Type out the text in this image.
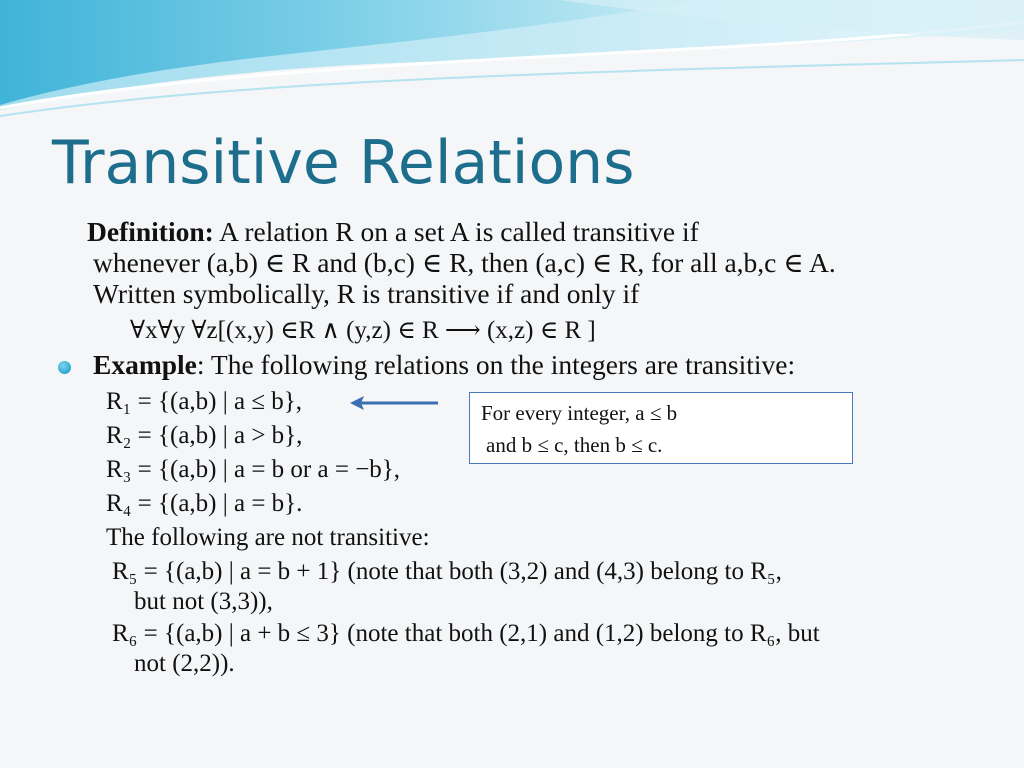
Transitive Relations
Definition: A relation R on a set A is called transitive if
whenever (a,b) ∈ R and (b,c) ∈ R, then (a,c) ∈ R, for all a,b,c ∈ A.
Written symbolically, R is transitive if and only if
∀x∀y ∀z[(x,y) ∈R ∧ (y,z) ∈ R ⟶ (x,z) ∈ R ]
Example: The following relations on the integers are transitive:
R₁ = {(a,b) | a ≤ b},
R₂ = {(a,b) | a > b},
R₃ = {(a,b) | a = b or a = −b},
R₄ = {(a,b) | a = b}.
For every integer, a ≤ b
and b ≤ c, then b ≤ c.
The following are not transitive:
R₅ = {(a,b) | a = b + 1} (note that both (3,2) and (4,3) belong to R₅,
but not (3,3)),
R₆ = {(a,b) | a + b ≤ 3} (note that both (2,1) and (1,2) belong to R₆, but
not (2,2)).
